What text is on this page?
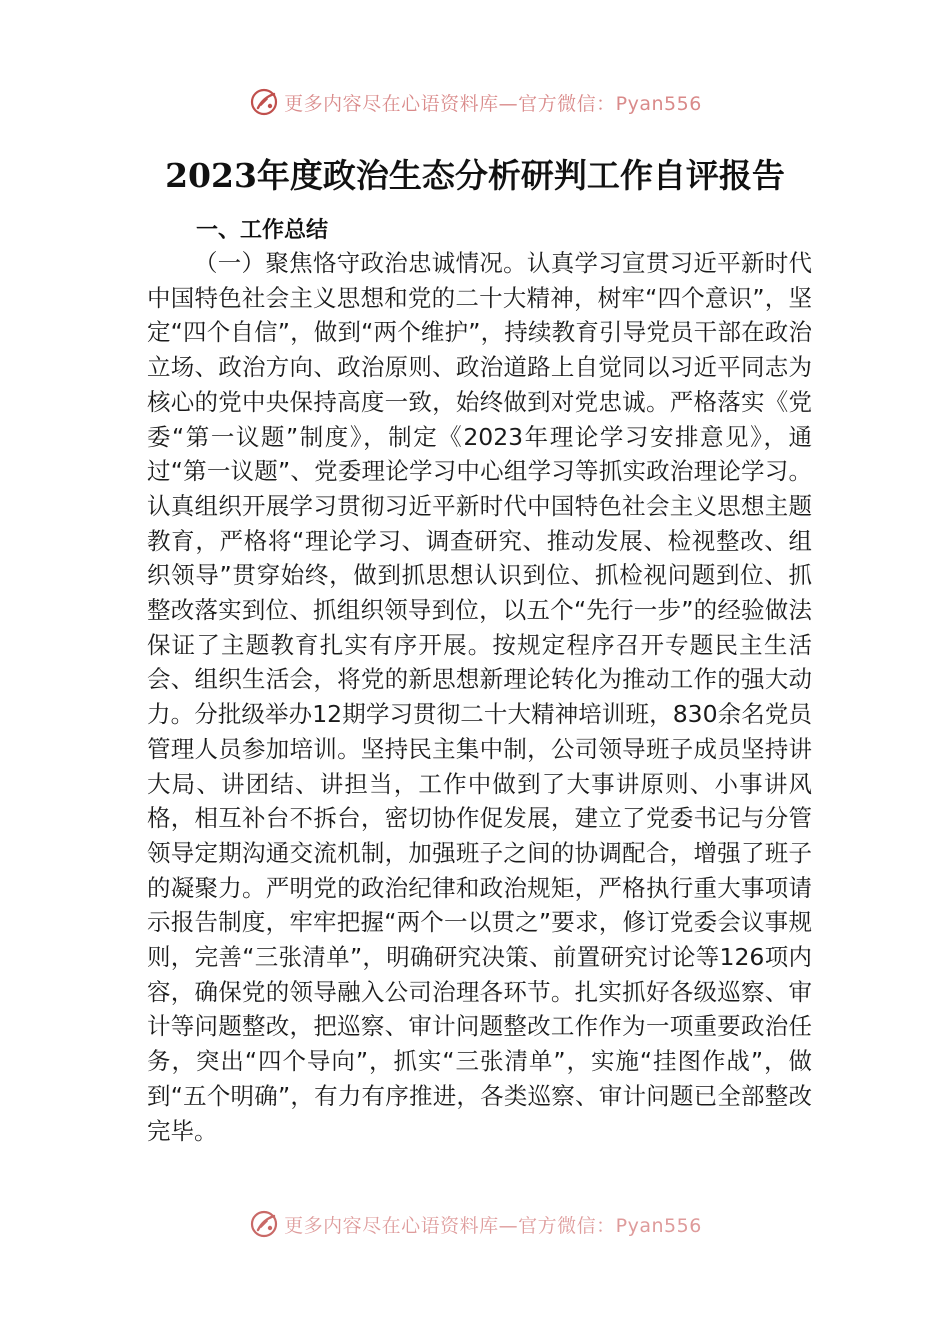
更多内容尽在心语资料库—官方微信：Pyan556
2023年度政治生态分析研判工作自评报告
一、工作总结

（一）聚焦恪守政治忠诚情况。认真学习宣贯习近平新时代中国特色社会主义思想和党的二十大精神，树牢“四个意识”，坚定“四个自信”，做到“两个维护”，持续教育引导党员干部在政治立场、政治方向、政治原则、政治道路上自觉同以习近平同志为核心的党中央保持高度一致，始终做到对党忠诚。严格落实《党委“第一议题”制度》，制定《2023年理论学习安排意见》，通过“第一议题”、党委理论学习中心组学习等抓实政治理论学习。认真组织开展学习贯彻习近平新时代中国特色社会主义思想主题教育，严格将“理论学习、调查研究、推动发展、检视整改、组织领导”贯穿始终，做到抓思想认识到位、抓检视问题到位、抓整改落实到位、抓组织领导到位，以五个“先行一步”的经验做法保证了主题教育扎实有序开展。按规定程序召开专题民主生活会、组织生活会，将党的新思想新理论转化为推动工作的强大动力。分批级举办12期学习贯彻二十大精神培训班，830余名党员管理人员参加培训。坚持民主集中制，公司领导班子成员坚持讲大局、讲团结、讲担当，工作中做到了大事讲原则、小事讲风格，相互补台不拆台，密切协作促发展，建立了党委书记与分管领导定期沟通交流机制，加强班子之间的协调配合，增强了班子的凝聚力。严明党的政治纪律和政治规矩，严格执行重大事项请示报告制度，牢牢把握“两个一以贯之”要求，修订党委会议事规则，完善“三张清单”，明确研究决策、前置研究讨论等126项内容，确保党的领导融入公司治理各环节。扎实抓好各级巡察、审计等问题整改，把巡察、审计问题整改工作作为一项重要政治任务，突出“四个导向”，抓实“三张清单”，实施“挂图作战”，做到“五个明确”，有力有序推进，各类巡察、审计问题已全部整改完毕。

更多内容尽在心语资料库—官方微信：Pyan556
